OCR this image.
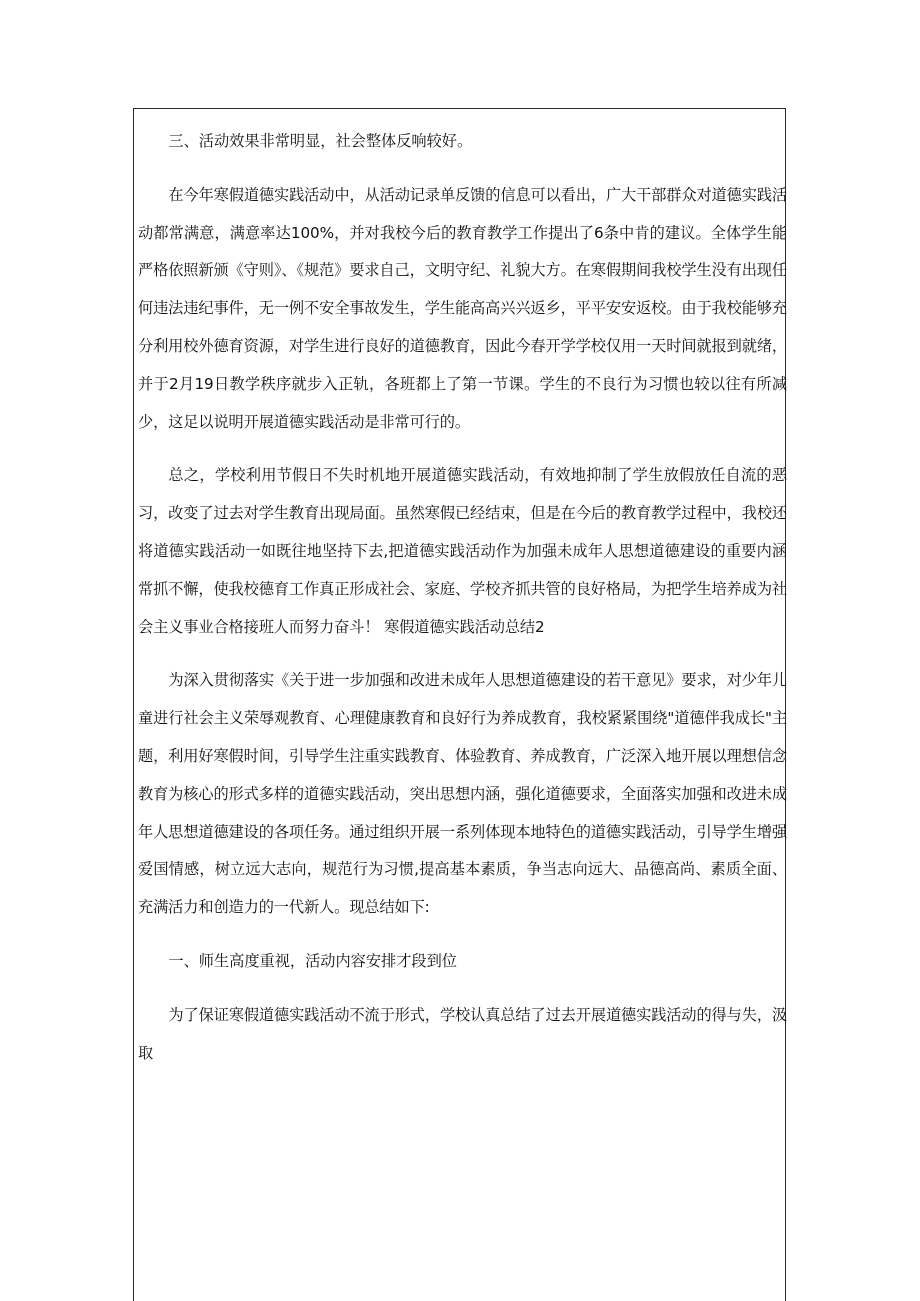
三、活动效果非常明显，社会整体反响较好。

在今年寒假道德实践活动中，从活动记录单反馈的信息可以看出，广大干部群众对道德实践活动都常满意，满意率达100%，并对我校今后的教育教学工作提出了6条中肯的建议。全体学生能严格依照新颁《守则》、《规范》要求自己，文明守纪、礼貌大方。在寒假期间我校学生没有出现任何违法违纪事件，无一例不安全事故发生，学生能高高兴兴返乡，平平安安返校。由于我校能够充分利用校外德育资源，对学生进行良好的道德教育，因此今春开学学校仅用一天时间就报到就绪，并于2月19日教学秩序就步入正轨，各班都上了第一节课。学生的不良行为习惯也较以往有所减少，这足以说明开展道德实践活动是非常可行的。

总之，学校利用节假日不失时机地开展道德实践活动，有效地抑制了学生放假放任自流的恶习，改变了过去对学生教育出现局面。虽然寒假已经结束，但是在今后的教育教学过程中，我校还将道德实践活动一如既往地坚持下去,把道德实践活动作为加强未成年人思想道德建设的重要内涵常抓不懈，使我校德育工作真正形成社会、家庭、学校齐抓共管的良好格局，为把学生培养成为社会主义事业合格接班人而努力奋斗！ 寒假道德实践活动总结2

为深入贯彻落实《关于进一步加强和改进未成年人思想道德建设的若干意见》要求，对少年儿童进行社会主义荣辱观教育、心理健康教育和良好行为养成教育，我校紧紧围绕"道德伴我成长"主题，利用好寒假时间，引导学生注重实践教育、体验教育、养成教育，广泛深入地开展以理想信念教育为核心的形式多样的道德实践活动，突出思想内涵，强化道德要求，全面落实加强和改进未成年人思想道德建设的各项任务。通过组织开展一系列体现本地特色的道德实践活动，引导学生增强爱国情感，树立远大志向，规范行为习惯,提高基本素质，争当志向远大、品德高尚、素质全面、充满活力和创造力的一代新人。现总结如下:

一、师生高度重视，活动内容安排才段到位

为了保证寒假道德实践活动不流于形式，学校认真总结了过去开展道德实践活动的得与失，汲取
